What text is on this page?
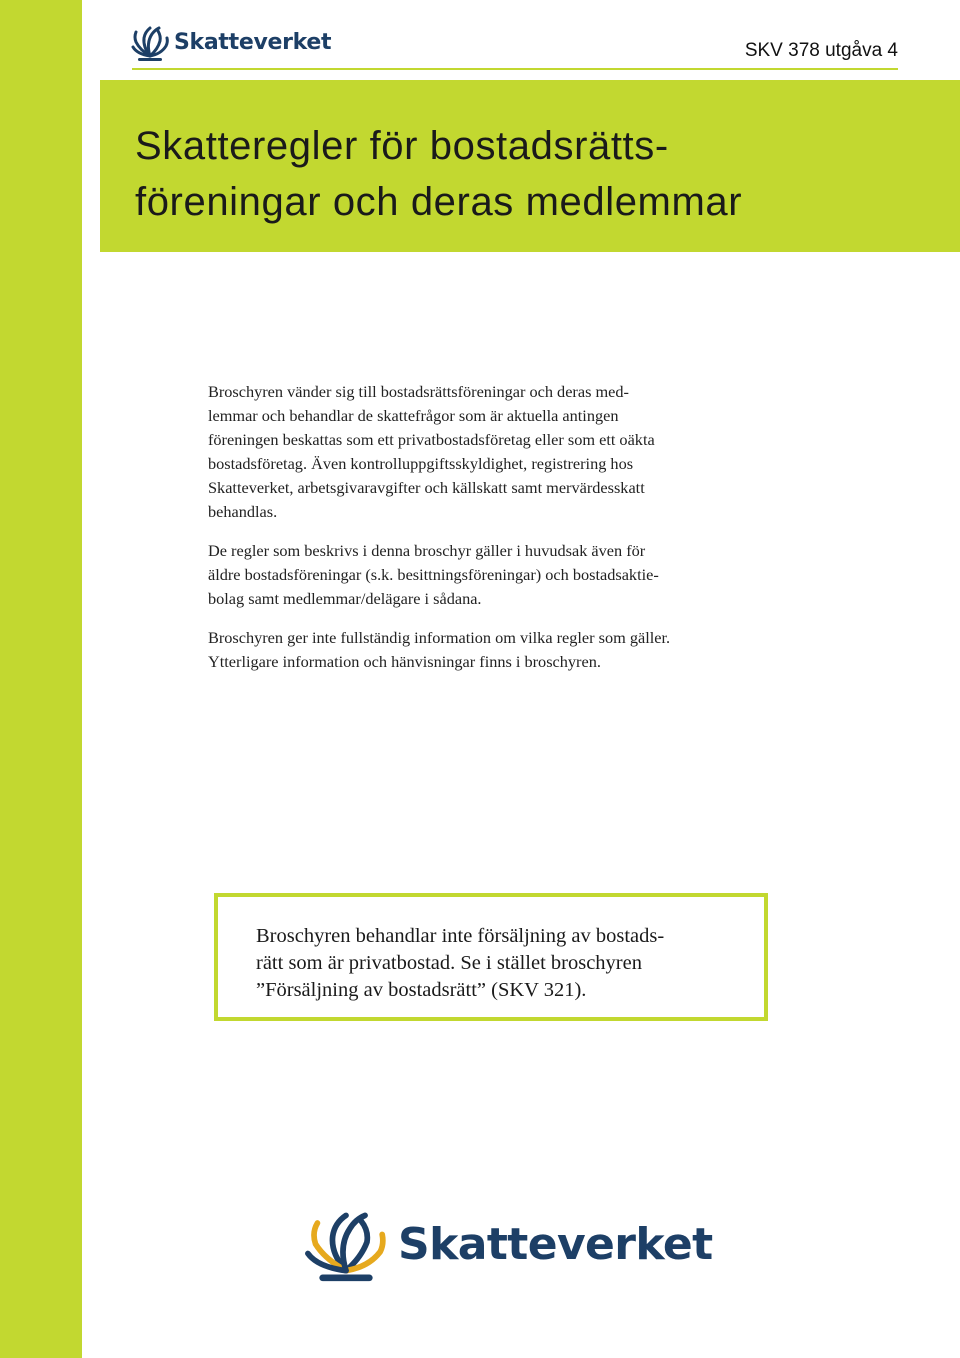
Skatteverket	SKV 378 utgåva 4
Skatteregler för bostadsrätts-
föreningar och deras medlemmar

Broschyren vänder sig till bostadsrättsföreningar och deras med-
lemmar och behandlar de skattefrågor som är aktuella antingen
föreningen beskattas som ett privatbostadsföretag eller som ett oäkta
bostadsföretag. Även kontrolluppgiftsskyldighet, registrering hos
Skatteverket, arbetsgivaravgifter och källskatt samt mervärdesskatt
behandlas.

De regler som beskrivs i denna broschyr gäller i huvudsak även för
äldre bostadsföreningar (s.k. besittningsföreningar) och bostadsaktie-
bolag samt medlemmar/delägare i sådana.

Broschyren ger inte fullständig information om vilka regler som gäller.
Ytterligare information och hänvisningar finns i broschyren.

Broschyren behandlar inte försäljning av bostads-
rätt som är privatbostad. Se i stället broschyren
”Försäljning av bostadsrätt” (SKV 321).
Skatteverket
